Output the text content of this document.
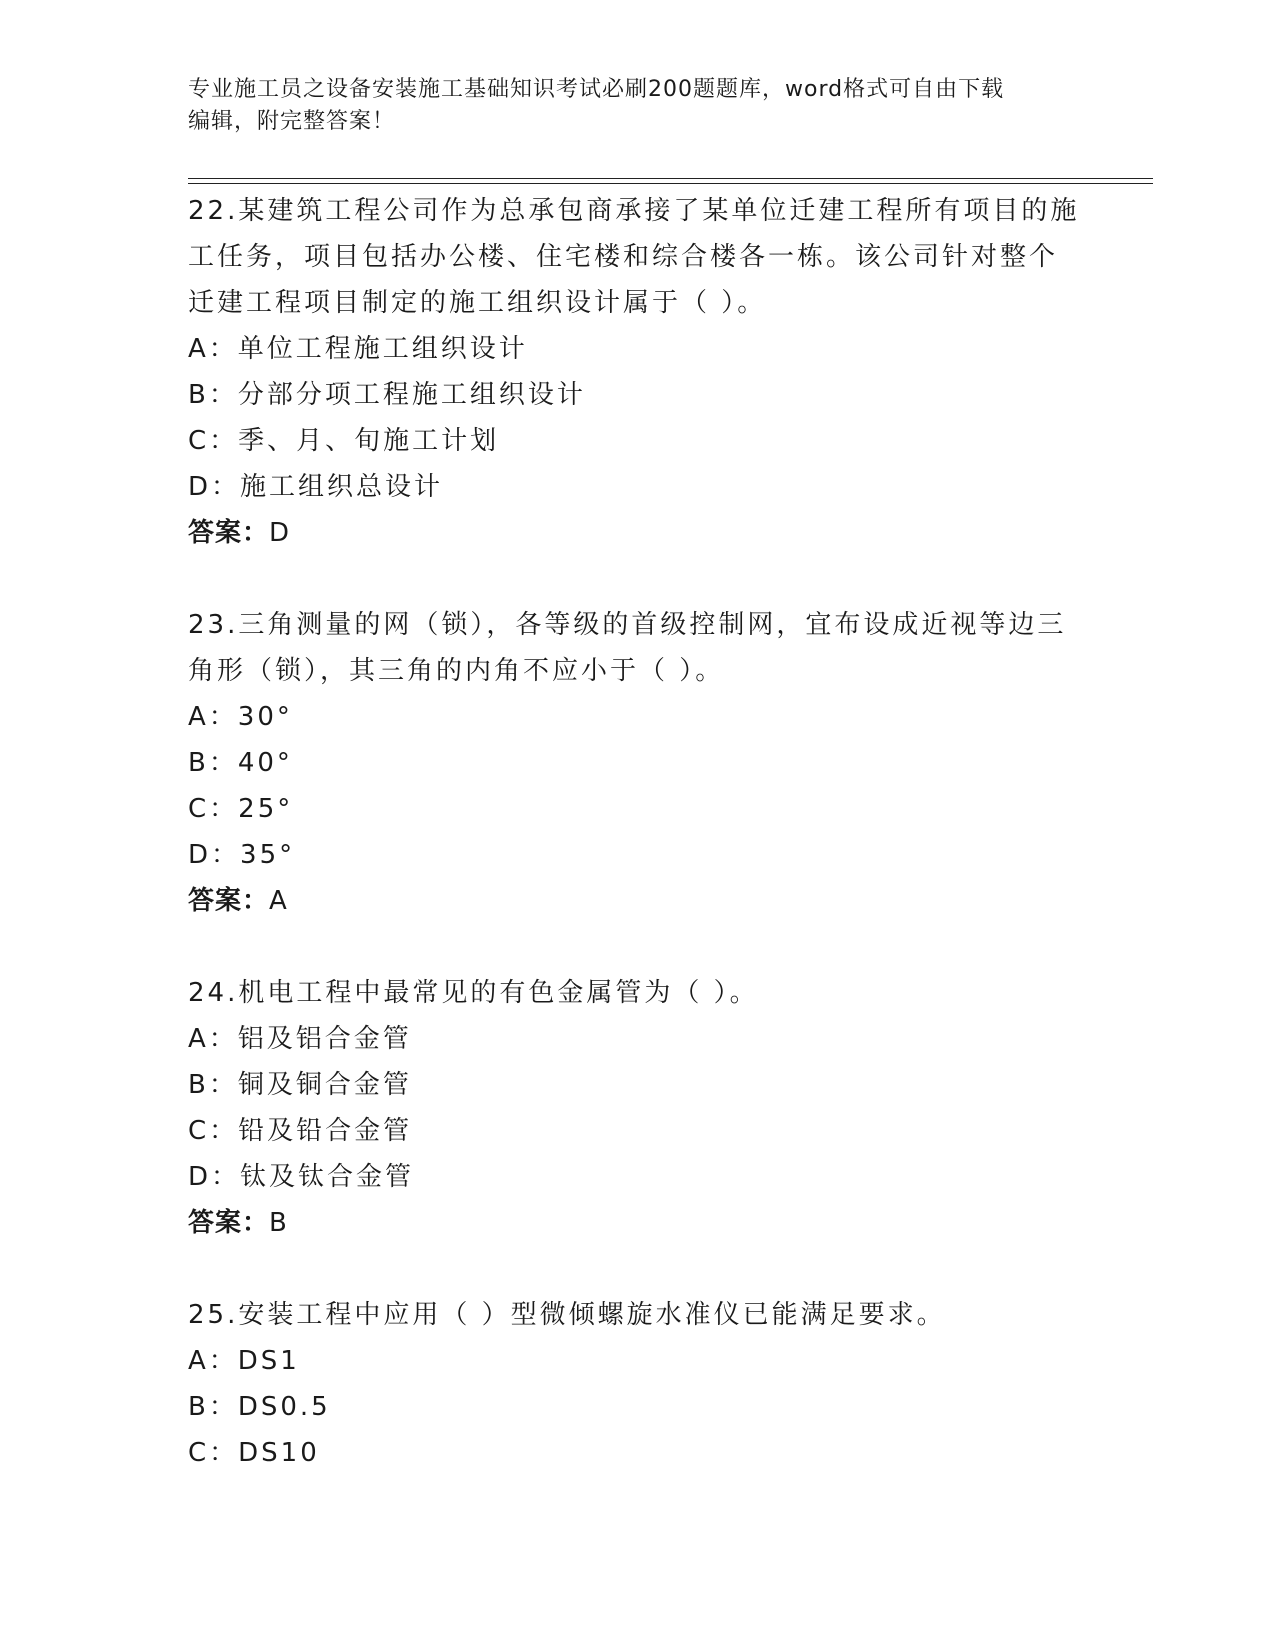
专业施工员之设备安装施工基础知识考试必刷200题题库，word格式可自由下载
编辑，附完整答案！

22.某建筑工程公司作为总承包商承接了某单位迁建工程所有项目的施

工任务，项目包括办公楼、住宅楼和综合楼各一栋。该公司针对整个

迁建工程项目制定的施工组织设计属于（ ）。

A：单位工程施工组织设计

B：分部分项工程施工组织设计

C：季、月、旬施工计划

D：施工组织总设计

答案：D

23.三角测量的网（锁），各等级的首级控制网，宜布设成近视等边三

角形（锁），其三角的内角不应小于（ ）。

A：30°

B：40°

C：25°

D：35°

答案：A

24.机电工程中最常见的有色金属管为（ ）。

A：铝及铝合金管

B：铜及铜合金管

C：铅及铅合金管

D：钛及钛合金管

答案：B

25.安装工程中应用（ ）型微倾螺旋水准仪已能满足要求。

A：DS1

B：DS0.5

C：DS10
